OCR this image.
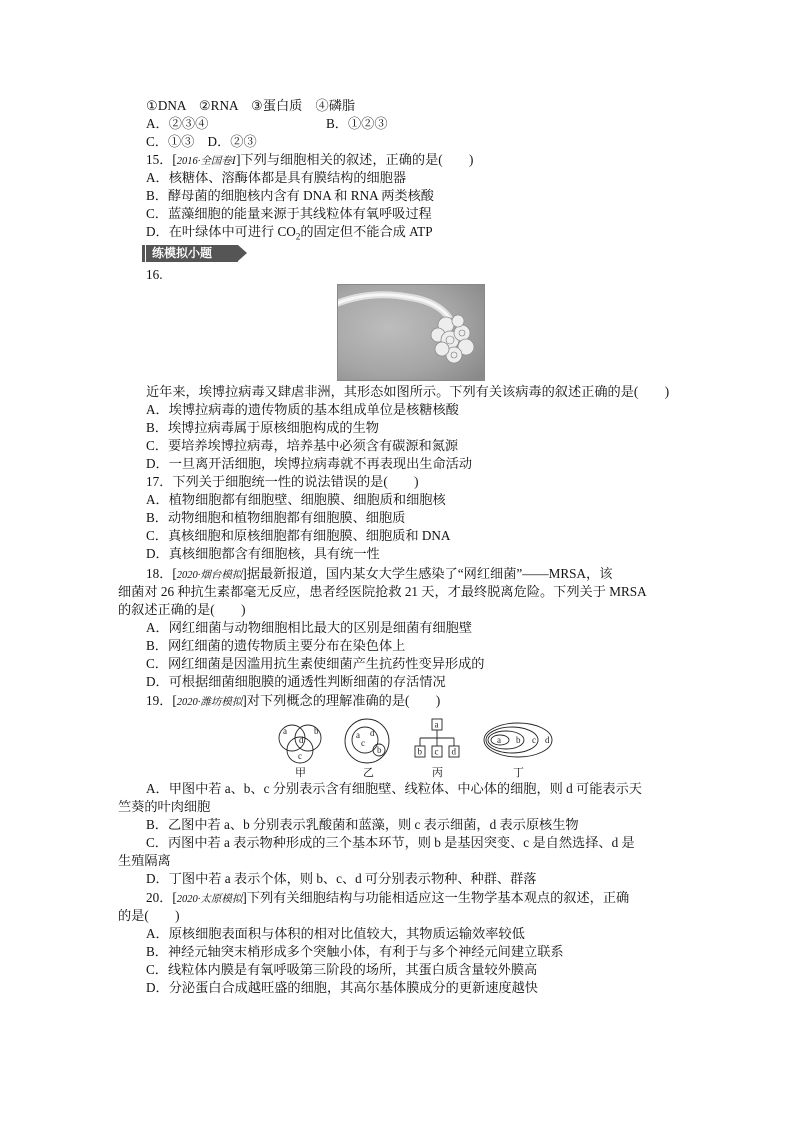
①DNA　②RNA　③蛋白质　④磷脂
A．②③④	B．①②③
C．①③　D．②③
15．[2016·全国卷Ⅰ]下列与细胞相关的叙述，正确的是(　　)
A．核糖体、溶酶体都是具有膜结构的细胞器
B．酵母菌的细胞核内含有 DNA 和 RNA 两类核酸
C．蓝藻细胞的能量来源于其线粒体有氧呼吸过程
D．在叶绿体中可进行 $CO_2$的固定但不能合成 ATP
练模拟小题
16.
近年来，埃博拉病毒又肆虐非洲，其形态如图所示。下列有关该病毒的叙述正确的是(　　)
A．埃博拉病毒的遗传物质的基本组成单位是核糖核酸
B．埃博拉病毒属于原核细胞构成的生物
C．要培养埃博拉病毒，培养基中必须含有碳源和氮源
D．一旦离开活细胞，埃博拉病毒就不再表现出生命活动
17．下列关于细胞统一性的说法错误的是(　　)
A．植物细胞都有细胞壁、细胞膜、细胞质和细胞核
B．动物细胞和植物细胞都有细胞膜、细胞质
C．真核细胞和原核细胞都有细胞膜、细胞质和 DNA
D．真核细胞都含有细胞核，具有统一性
18．[2020·烟台模拟]据最新报道，国内某女大学生感染了“网红细菌”——MRSA，该
细菌对 26 种抗生素都毫无反应，患者经医院抢救 21 天，才最终脱离危险。下列关于 MRSA
的叙述正确的是(　　)
A．网红细菌与动物细胞相比最大的区别是细菌有细胞壁
B．网红细菌的遗传物质主要分布在染色体上
C．网红细菌是因滥用抗生素使细菌产生抗药性变异形成的
D．可根据细菌细胞膜的通透性判断细菌的存活情况
19．[2020·潍坊模拟]对下列概念的理解准确的是(　　)
a	b
d
c
a
c
d
b
a
b c d
a b c d
甲	乙	丙	丁
A．甲图中若 a、b、c 分别表示含有细胞壁、线粒体、中心体的细胞，则 d 可能表示天
竺葵的叶肉细胞
B．乙图中若 a、b 分别表示乳酸菌和蓝藻，则 c 表示细菌，d 表示原核生物
C．丙图中若 a 表示物种形成的三个基本环节，则 b 是基因突变、c 是自然选择、d 是
生殖隔离
D．丁图中若 a 表示个体，则 b、c、d 可分别表示物种、种群、群落
20．[2020·太原模拟]下列有关细胞结构与功能相适应这一生物学基本观点的叙述，正确
的是(　　)
A．原核细胞表面积与体积的相对比值较大，其物质运输效率较低
B．神经元轴突末梢形成多个突触小体，有利于与多个神经元间建立联系
C．线粒体内膜是有氧呼吸第三阶段的场所，其蛋白质含量较外膜高
D．分泌蛋白合成越旺盛的细胞，其高尔基体膜成分的更新速度越快
